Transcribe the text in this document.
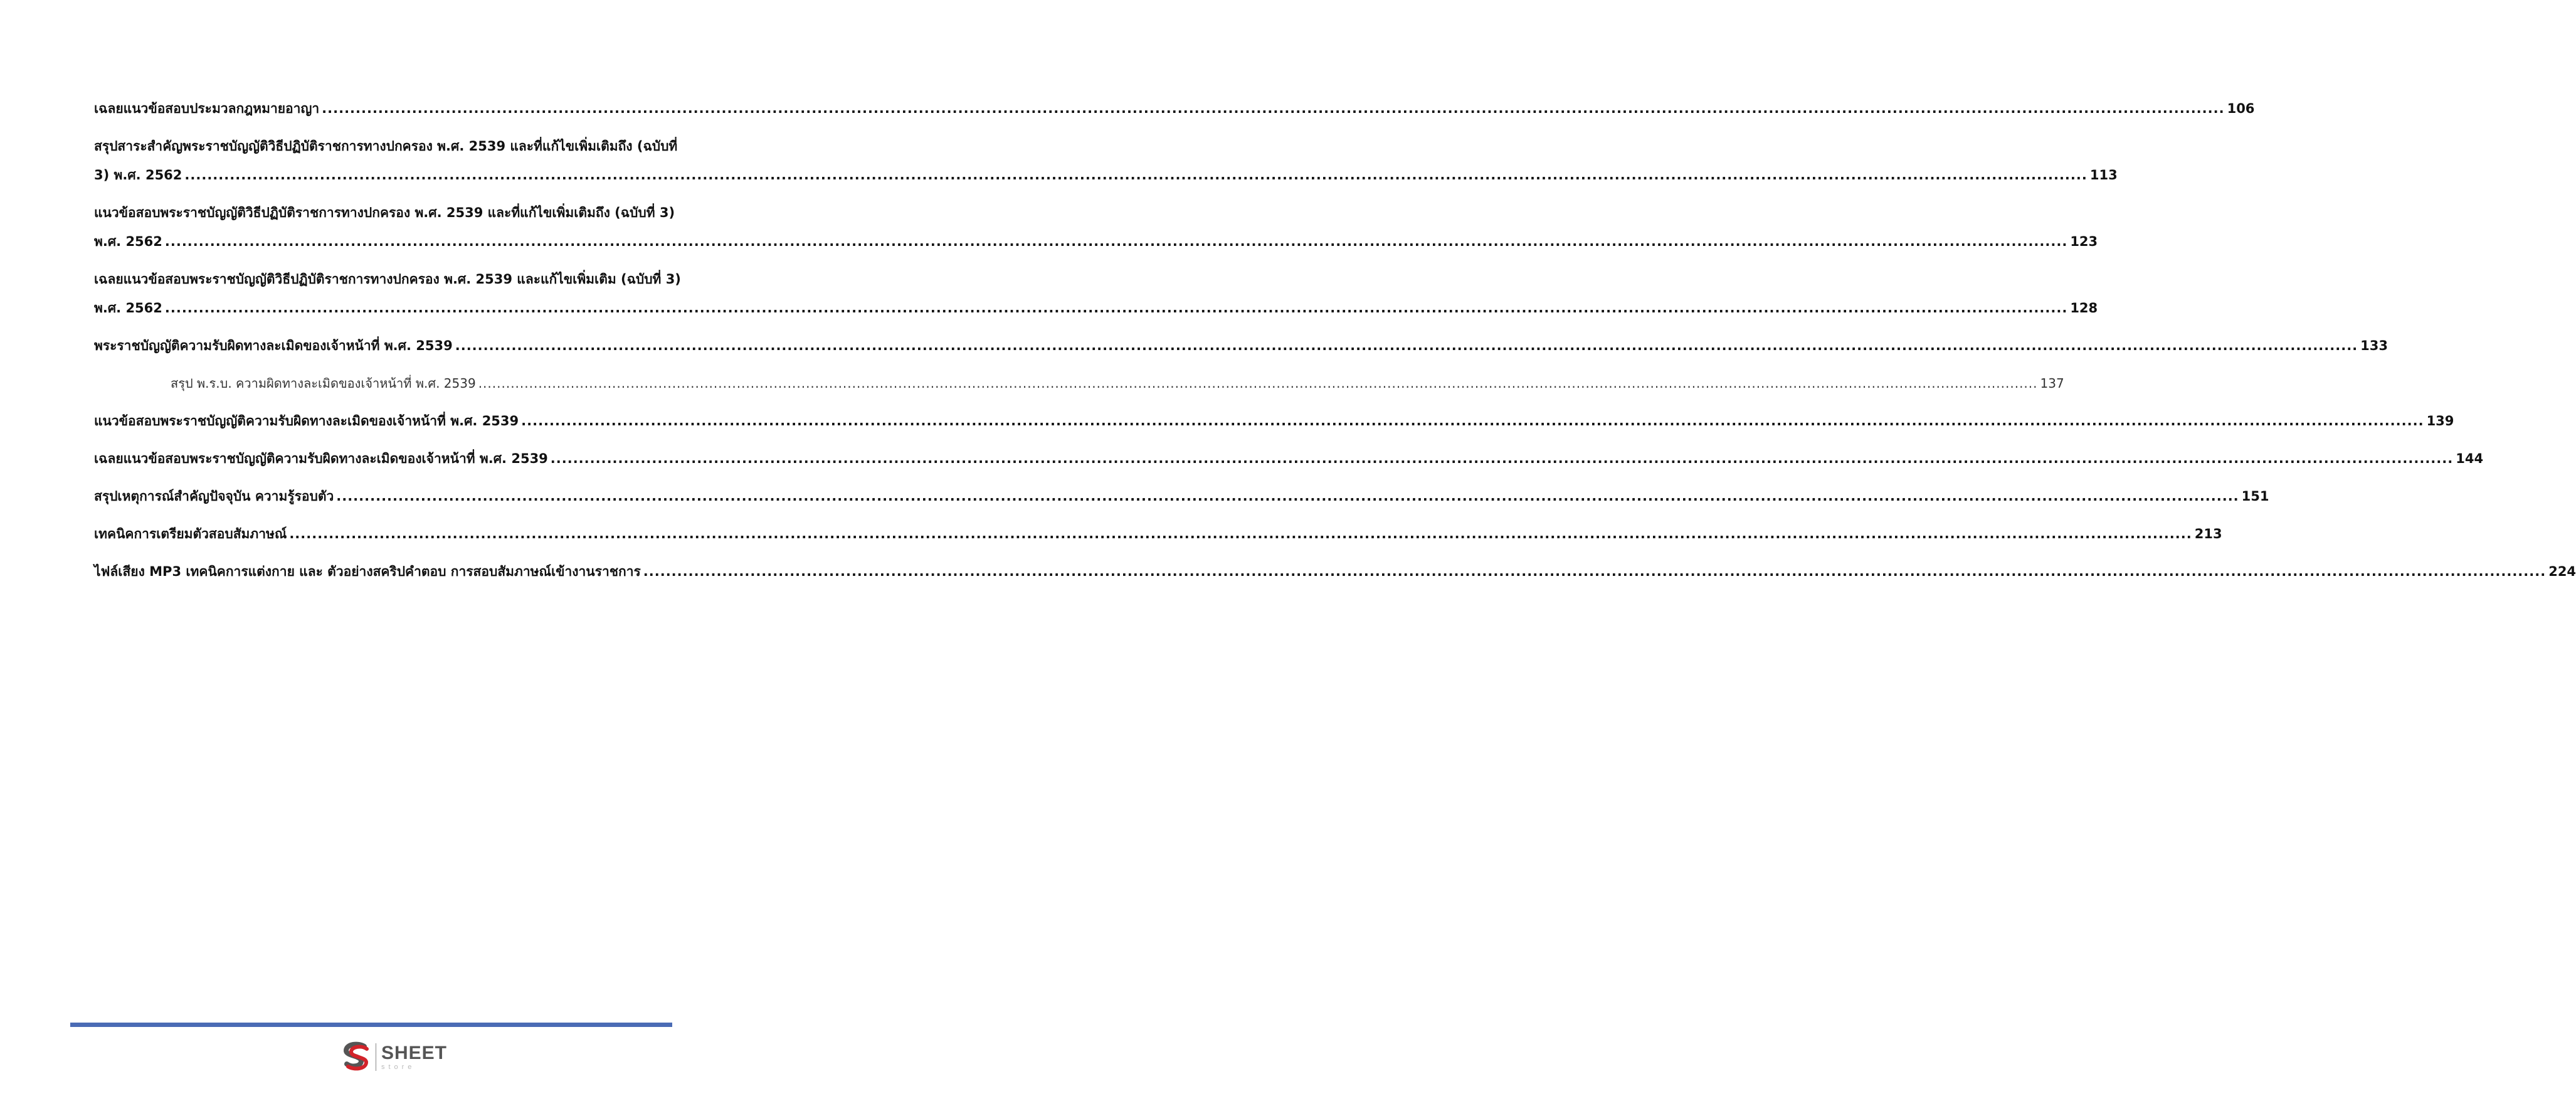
เฉลยแนวข้อสอบประมวลกฎหมายอาญา .....	106
สรุปสาระสำคัญพระราชบัญญัติวิธีปฏิบัติราชการทางปกครอง พ.ศ. 2539 และที่แก้ไขเพิ่มเติมถึง (ฉบับที่
3) พ.ศ. 2562 .....	113
แนวข้อสอบพระราชบัญญัติวิธีปฏิบัติราชการทางปกครอง พ.ศ. 2539 และที่แก้ไขเพิ่มเติมถึง (ฉบับที่ 3)
พ.ศ. 2562 .....	123
เฉลยแนวข้อสอบพระราชบัญญัติวิธีปฏิบัติราชการทางปกครอง พ.ศ. 2539 และแก้ไขเพิ่มเติม (ฉบับที่ 3)
พ.ศ. 2562 .....	128
พระราชบัญญัติความรับผิดทางละเมิดของเจ้าหน้าที่ พ.ศ. 2539 .....	133
สรุป พ.ร.บ. ความผิดทางละเมิดของเจ้าหน้าที่ พ.ศ. 2539 .....	137
แนวข้อสอบพระราชบัญญัติความรับผิดทางละเมิดของเจ้าหน้าที่ พ.ศ. 2539 .....	139
เฉลยแนวข้อสอบพระราชบัญญัติความรับผิดทางละเมิดของเจ้าหน้าที่ พ.ศ. 2539 .....	144
สรุปเหตุการณ์สำคัญปัจจุบัน ความรู้รอบตัว .....	151
เทคนิคการเตรียมตัวสอบสัมภาษณ์ .....	213
ไฟล์เสียง MP3 เทคนิคการแต่งกาย และ ตัวอย่างสคริปคำตอบ การสอบสัมภาษณ์เข้างานราชการ .....	224
SHEET
store
